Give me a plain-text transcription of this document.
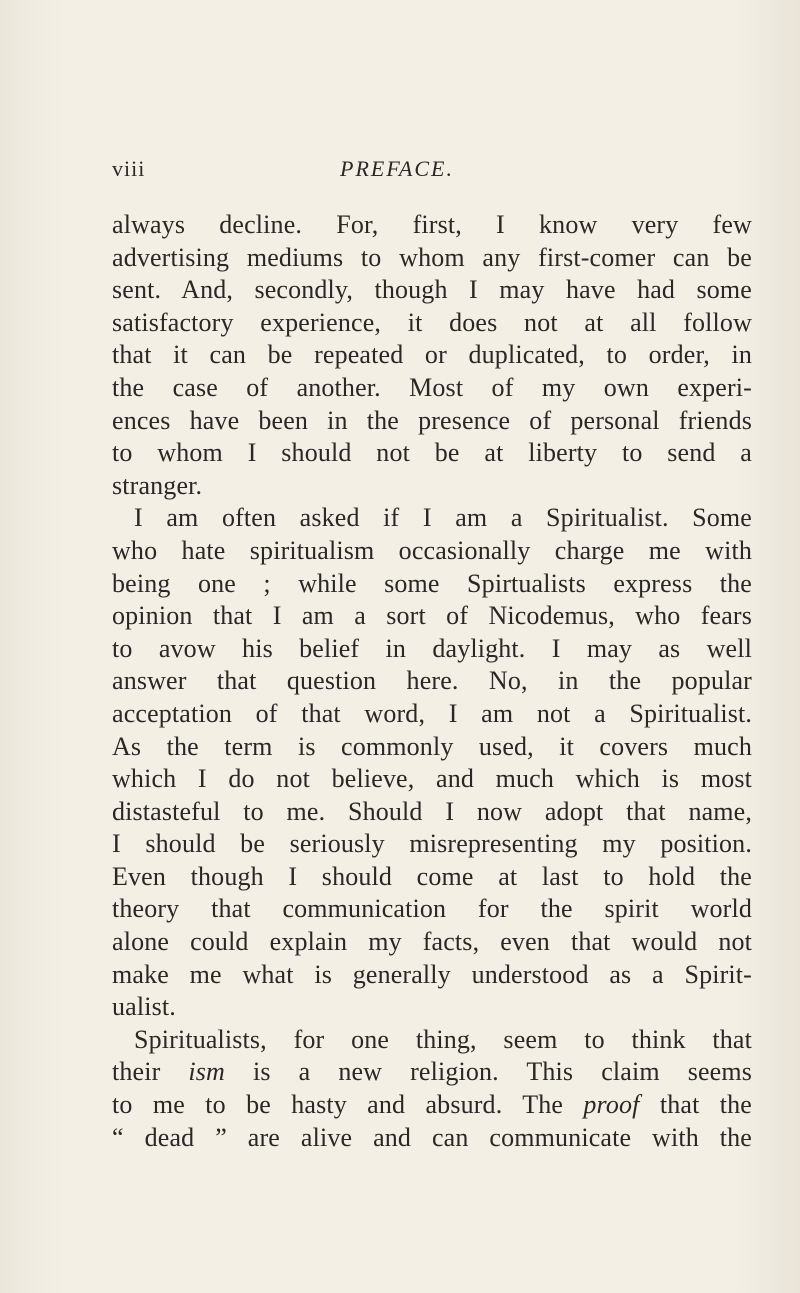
viii	PREFACE.
always decline. For, first, I know very few
advertising mediums to whom any first-comer can be
sent. And, secondly, though I may have had some
satisfactory experience, it does not at all follow
that it can be repeated or duplicated, to order, in
the case of another. Most of my own experi-
ences have been in the presence of personal friends
to whom I should not be at liberty to send a
stranger.
I am often asked if I am a Spiritualist. Some
who hate spiritualism occasionally charge me with
being one ; while some Spirtualists express the
opinion that I am a sort of Nicodemus, who fears
to avow his belief in daylight. I may as well
answer that question here. No, in the popular
acceptation of that word, I am not a Spiritualist.
As the term is commonly used, it covers much
which I do not believe, and much which is most
distasteful to me. Should I now adopt that name,
I should be seriously misrepresenting my position.
Even though I should come at last to hold the
theory that communication for the spirit world
alone could explain my facts, even that would not
make me what is generally understood as a Spirit-
ualist.
Spiritualists, for one thing, seem to think that
their ism is a new religion. This claim seems
to me to be hasty and absurd. The proof that the
“ dead ” are alive and can communicate with the
